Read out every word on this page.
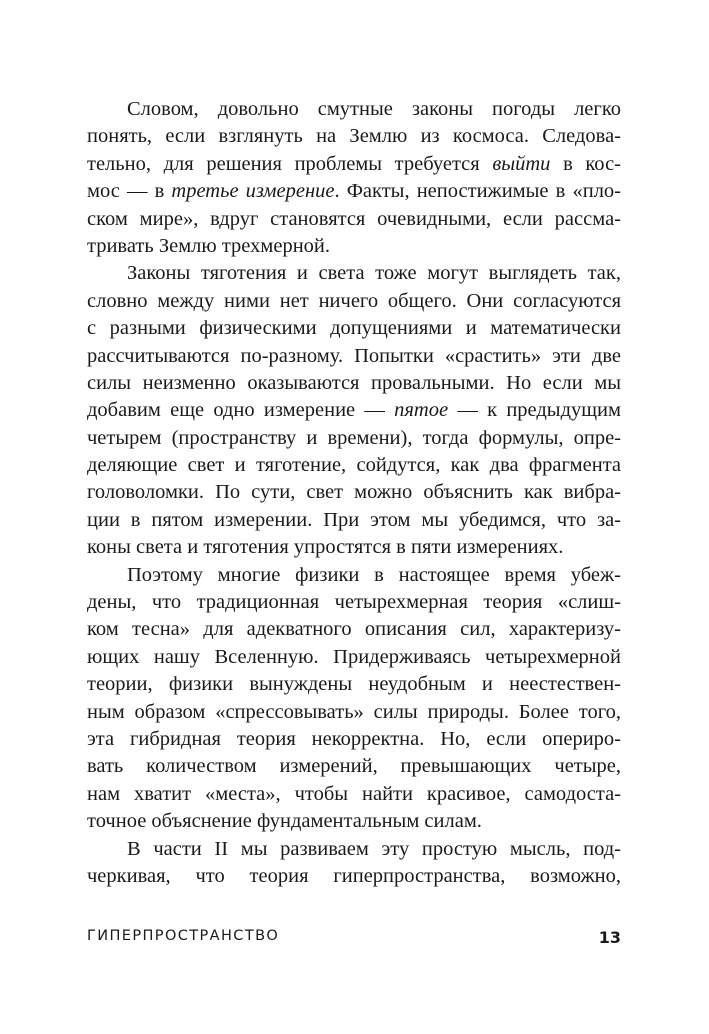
Словом, довольно смутные законы погоды легко
понять, если взглянуть на Землю из космоса. Следова-
тельно, для решения проблемы требуется выйти в кос-
мос — в третье измерение. Факты, непостижимые в «пло-
ском мире», вдруг становятся очевидными, если рассма-
тривать Землю трехмерной.
Законы тяготения и света тоже могут выглядеть так,
словно между ними нет ничего общего. Они согласуются
с разными физическими допущениями и математически
рассчитываются по-разному. Попытки «срастить» эти две
силы неизменно оказываются провальными. Но если мы
добавим еще одно измерение — пятое — к предыдущим
четырем (пространству и времени), тогда формулы, опре-
деляющие свет и тяготение, сойдутся, как два фрагмента
головоломки. По сути, свет можно объяснить как вибра-
ции в пятом измерении. При этом мы убедимся, что за-
коны света и тяготения упростятся в пяти измерениях.
Поэтому многие физики в настоящее время убеж-
дены, что традиционная четырехмерная теория «слиш-
ком тесна» для адекватного описания сил, характеризу-
ющих нашу Вселенную. Придерживаясь четырехмерной
теории, физики вынуждены неудобным и неестествен-
ным образом «спрессовывать» силы природы. Более того,
эта гибридная теория некорректна. Но, если опериро-
вать количеством измерений, превышающих четыре,
нам хватит «места», чтобы найти красивое, самодоста-
точное объяснение фундаментальным силам.
В части II мы развиваем эту простую мысль, под-
черкивая, что теория гиперпространства, возможно,
ГИПЕРПРОСТРАНСТВО	13
